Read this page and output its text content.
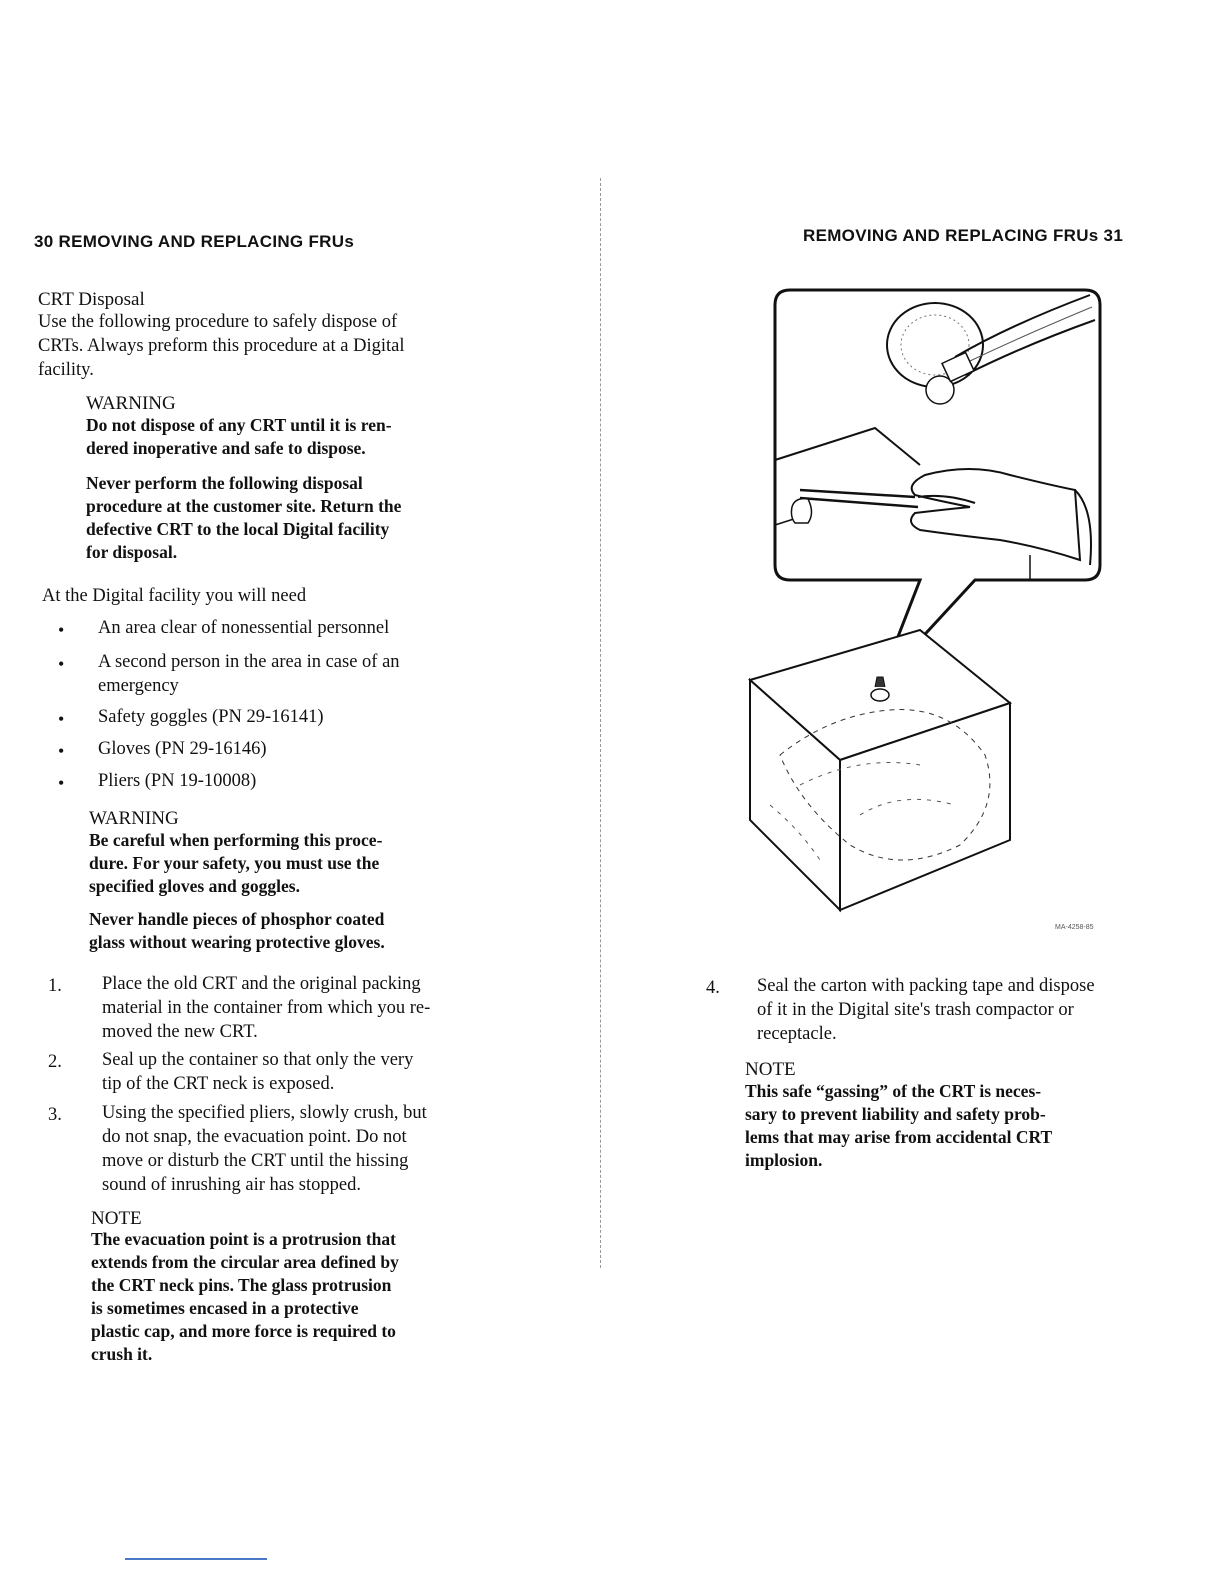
30 REMOVING AND REPLACING FRUs
CRT Disposal
Use the following procedure to safely dispose of
CRTs. Always preform this procedure at a Digital
facility.
WARNING
Do not dispose of any CRT until it is ren-
dered inoperative and safe to dispose.
Never perform the following disposal
procedure at the customer site. Return the
defective CRT to the local Digital facility
for disposal.
At the Digital facility you will need
• An area clear of nonessential personnel
• A second person in the area in case of an
emergency
• Safety goggles (PN 29-16141)
• Gloves (PN 29-16146)
• Pliers (PN 19-10008)
WARNING
Be careful when performing this proce-
dure. For your safety, you must use the
specified gloves and goggles.
Never handle pieces of phosphor coated
glass without wearing protective gloves.
1. Place the old CRT and the original packing
material in the container from which you re-
moved the new CRT.
2. Seal up the container so that only the very
tip of the CRT neck is exposed.
3. Using the specified pliers, slowly crush, but
do not snap, the evacuation point. Do not
move or disturb the CRT until the hissing
sound of inrushing air has stopped.
NOTE
The evacuation point is a protrusion that
extends from the circular area defined by
the CRT neck pins. The glass protrusion
is sometimes encased in a protective
plastic cap, and more force is required to
crush it.
REMOVING AND REPLACING FRUs 31
MA-4258-85
4. Seal the carton with packing tape and dispose
of it in the Digital site's trash compactor or
receptacle.
NOTE
This safe “gassing” of the CRT is neces-
sary to prevent liability and safety prob-
lems that may arise from accidental CRT
implosion.
